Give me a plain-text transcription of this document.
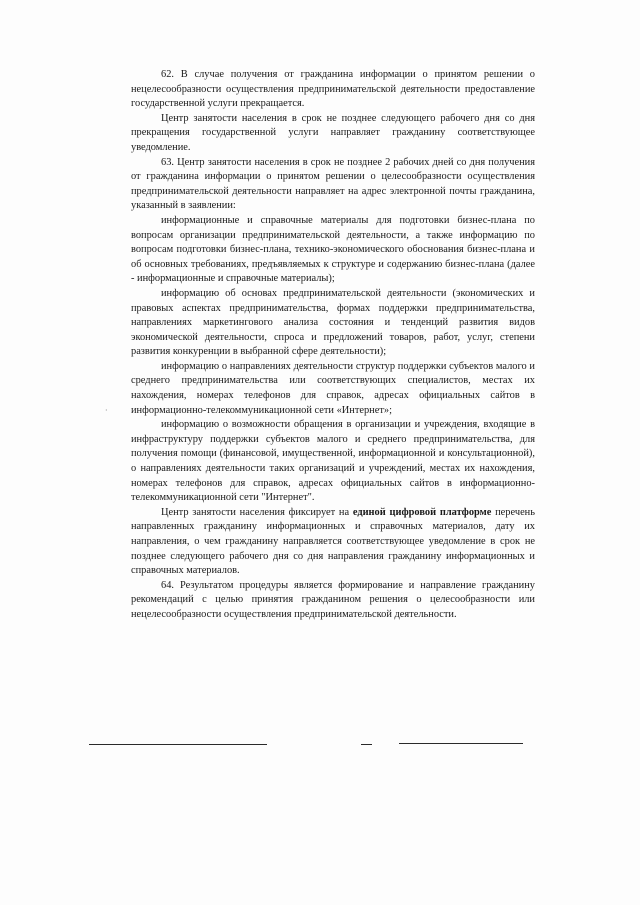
62. В случае получения от гражданина информации о принятом решении о нецелесообразности осуществления предпринимательской деятельности предоставление государственной услуги прекращается.

Центр занятости населения в срок не позднее следующего рабочего дня со дня прекращения государственной услуги направляет гражданину соответствующее уведомление.

63. Центр занятости населения в срок не позднее 2 рабочих дней со дня получения от гражданина информации о принятом решении о целесообразности осуществления предпринимательской деятельности направляет на адрес электронной почты гражданина, указанный в заявлении:

информационные и справочные материалы для подготовки бизнес-плана по вопросам организации предпринимательской деятельности, а также информацию по вопросам подготовки бизнес-плана, технико-экономического обоснования бизнес-плана и об основных требованиях, предъявляемых к структуре и содержанию бизнес-плана (далее - информационные и справочные материалы);

информацию об основах предпринимательской деятельности (экономических и правовых аспектах предпринимательства, формах поддержки предпринимательства, направлениях маркетингового анализа состояния и тенденций развития видов экономической деятельности, спроса и предложений товаров, работ, услуг, степени развития конкуренции в выбранной сфере деятельности);

информацию о направлениях деятельности структур поддержки субъектов малого и среднего предпринимательства или соответствующих специалистов, местах их нахождения, номерах телефонов для справок, адресах официальных сайтов в информационно-телекоммуникационной сети «Интернет»;

информацию о возможности обращения в организации и учреждения, входящие в инфраструктуру поддержки субъектов малого и среднего предпринимательства, для получения помощи (финансовой, имущественной, информационной и консультационной), о направлениях деятельности таких организаций и учреждений, местах их нахождения, номерах телефонов для справок, адресах официальных сайтов в информационно-телекоммуникационной сети "Интернет".

Центр занятости населения фиксирует на единой цифровой платформе перечень направленных гражданину информационных и справочных материалов, дату их направления, о чем гражданину направляется соответствующее уведомление в срок не позднее следующего рабочего дня со дня направления гражданину информационных и справочных материалов.

64. Результатом процедуры является формирование и направление гражданину рекомендаций с целью принятия гражданином решения о целесообразности или нецелесообразности осуществления предпринимательской деятельности.

·
